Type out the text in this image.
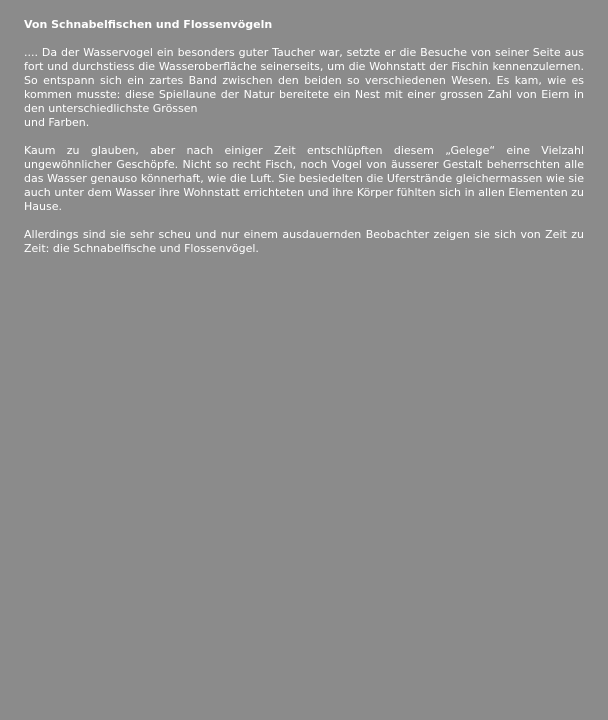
Von Schnabelfischen und Flossenvögeln

.... Da der Wasservogel ein besonders guter Taucher war, setzte er die Besuche von seiner Seite aus fort und durchstiess die Wasseroberfläche seinerseits, um die Wohnstatt der Fischin kennenzulernen. So entspann sich ein zartes Band zwischen den beiden so verschiedenen Wesen. Es kam, wie es kommen musste: diese Spiellaune der Natur bereitete ein Nest mit einer grossen Zahl von Eiern in den unterschiedlichste Grössen
und Farben.

Kaum zu glauben, aber nach einiger Zeit entschlüpften diesem „Gelege“ eine Vielzahl ungewöhnlicher Geschöpfe. Nicht so recht Fisch, noch Vogel von äusserer Gestalt beherrschten alle das Wasser genauso könnerhaft, wie die Luft. Sie besiedelten die Uferstrände gleichermassen wie sie auch unter dem Wasser ihre Wohnstatt errichteten und ihre Körper fühlten sich in allen Elementen zu Hause.

Allerdings sind sie sehr scheu und nur einem ausdauernden Beobachter zeigen sie sich von Zeit zu Zeit: die Schnabelfische und Flossenvögel.
